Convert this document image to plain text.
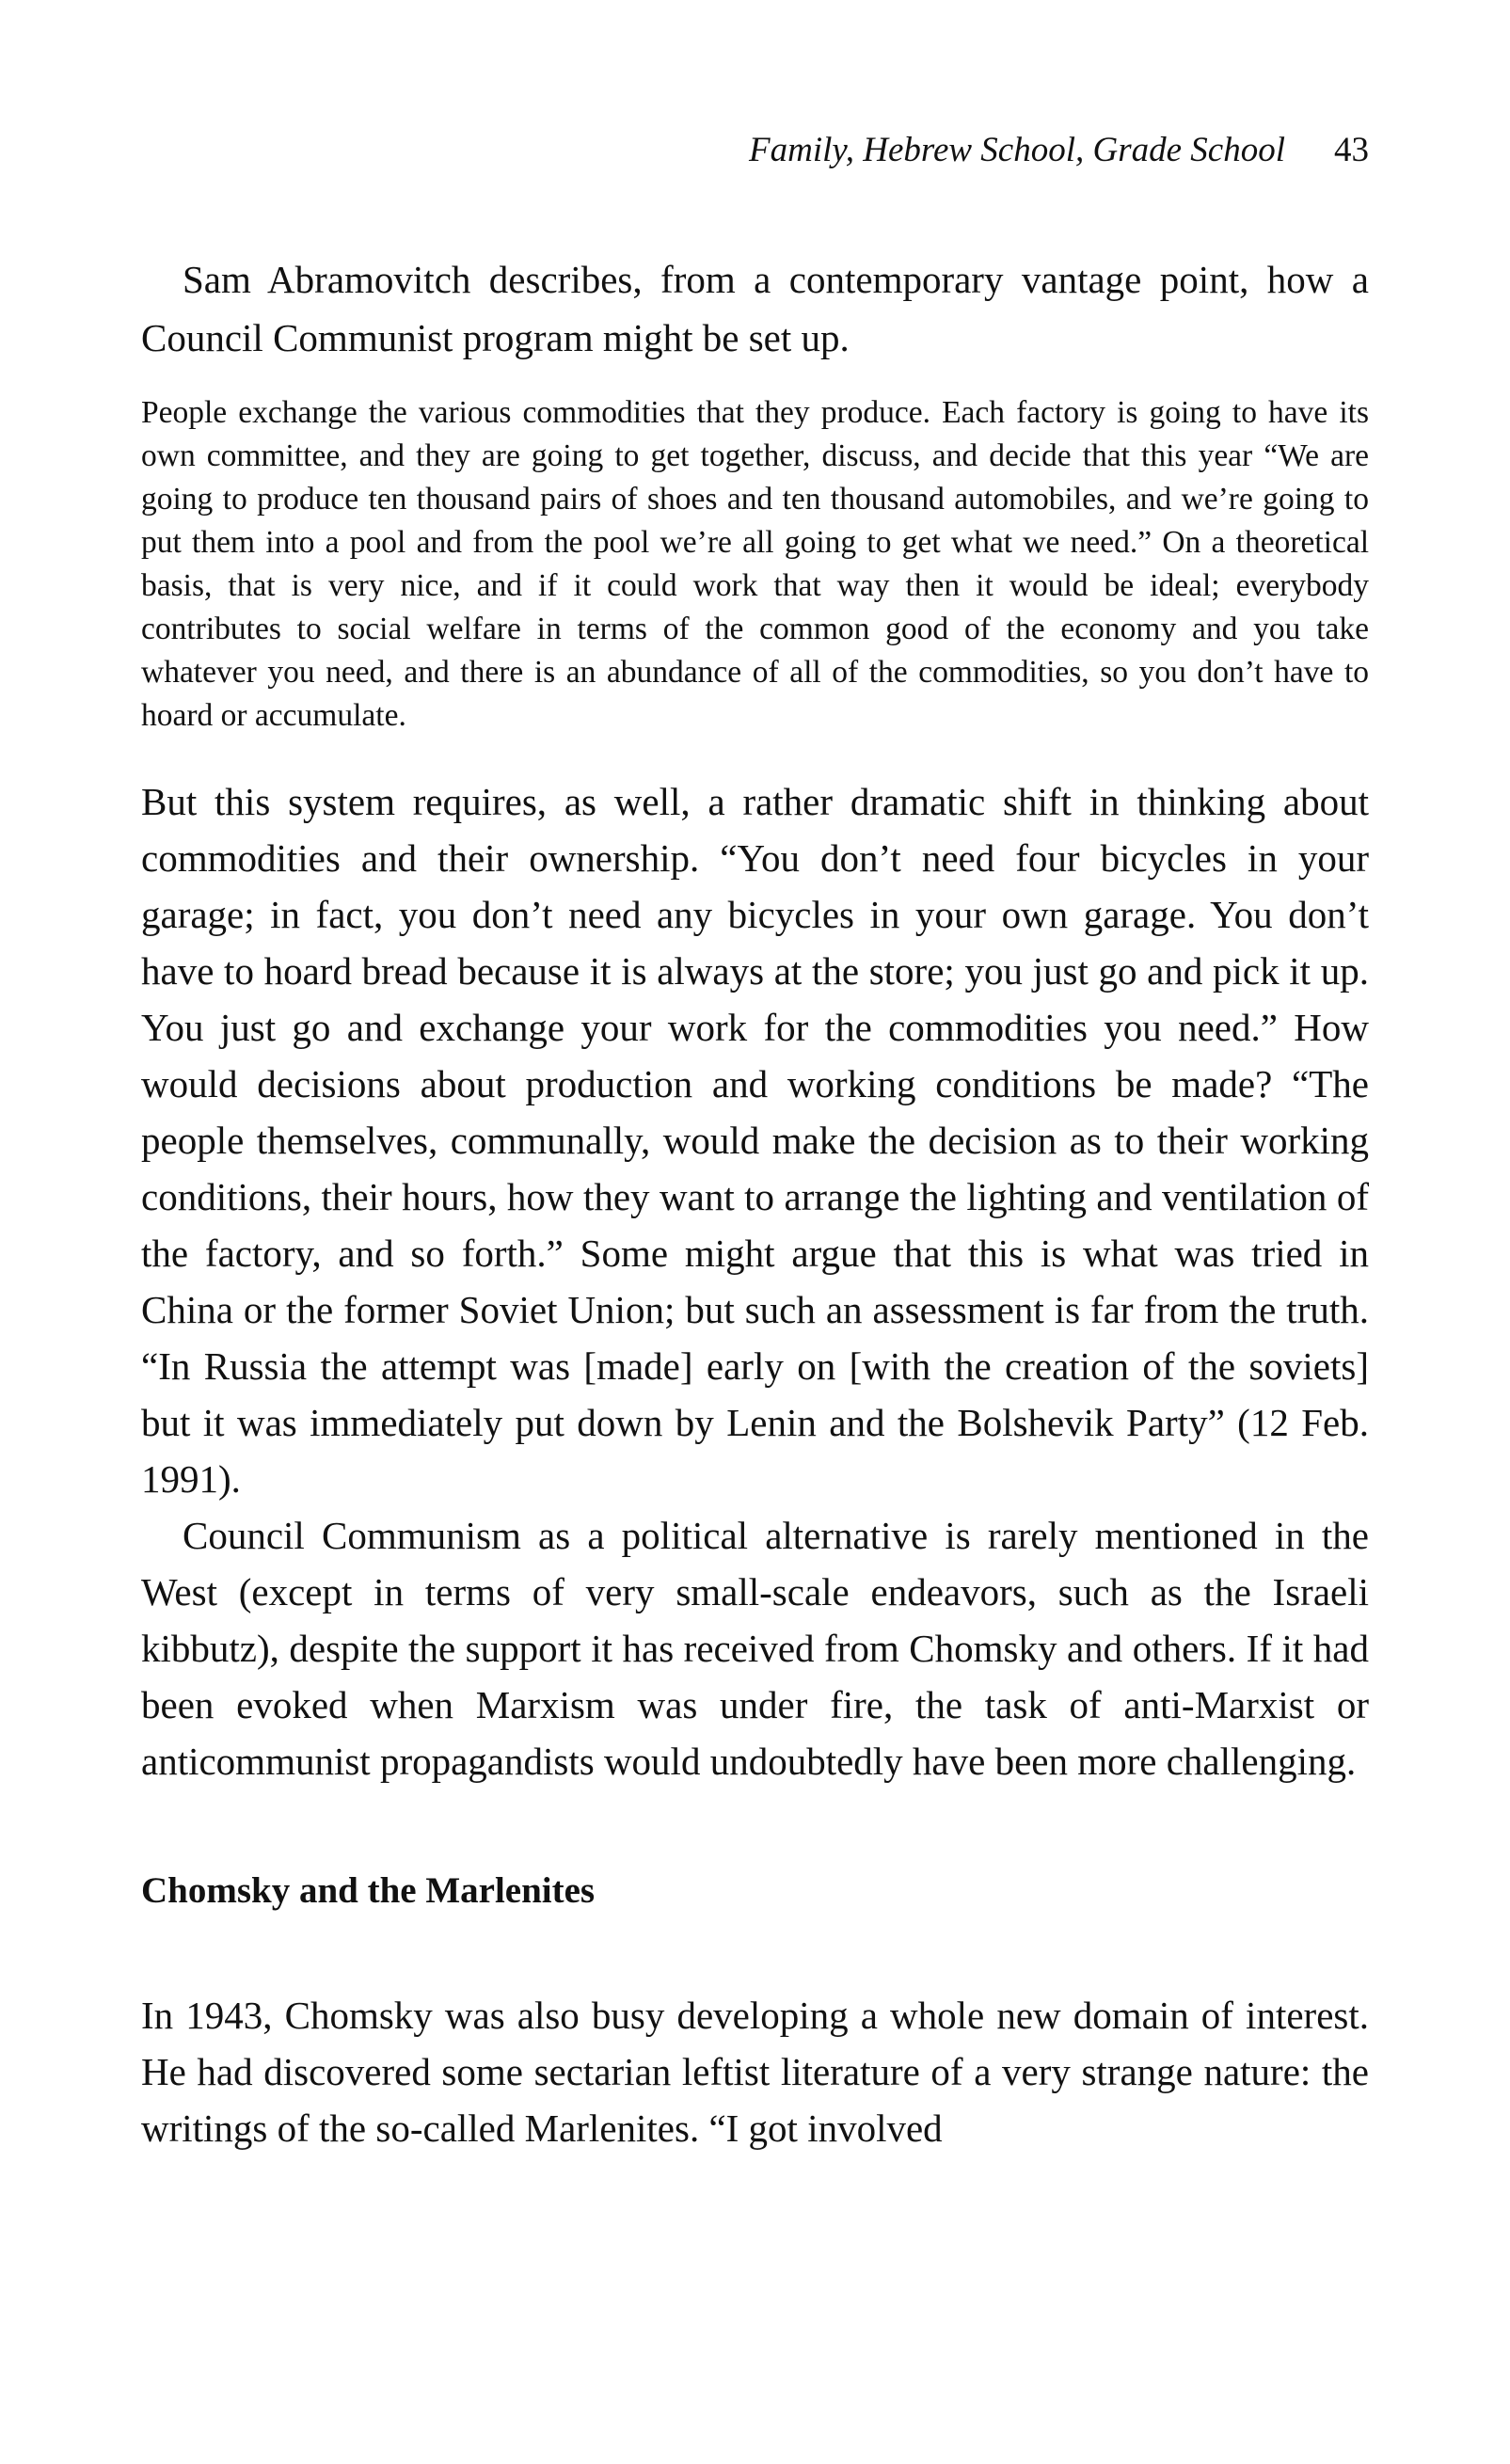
Family, Hebrew School, Grade School 43

Sam Abramovitch describes, from a contemporary vantage point, how a Council Communist program might be set up.

People exchange the various commodities that they produce. Each factory is going to have its own committee, and they are going to get together, discuss, and decide that this year “We are going to produce ten thousand pairs of shoes and ten thousand automobiles, and we’re going to put them into a pool and from the pool we’re all going to get what we need.” On a theoretical basis, that is very nice, and if it could work that way then it would be ideal; everybody contributes to social welfare in terms of the common good of the economy and you take whatever you need, and there is an abundance of all of the commodities, so you don’t have to hoard or accumulate.

But this system requires, as well, a rather dramatic shift in thinking about commodities and their ownership. “You don’t need four bicycles in your garage; in fact, you don’t need any bicycles in your own garage. You don’t have to hoard bread because it is always at the store; you just go and pick it up. You just go and exchange your work for the commodities you need.” How would decisions about production and working conditions be made? “The people themselves, communally, would make the decision as to their working conditions, their hours, how they want to arrange the lighting and ventilation of the factory, and so forth.” Some might argue that this is what was tried in China or the former Soviet Union; but such an assessment is far from the truth. “In Russia the attempt was [made] early on [with the creation of the soviets] but it was immediately put down by Lenin and the Bolshevik Party” (12 Feb. 1991).

Council Communism as a political alternative is rarely mentioned in the West (except in terms of very small-scale endeavors, such as the Israeli kibbutz), despite the support it has received from Chomsky and others. If it had been evoked when Marxism was under fire, the task of anti-Marxist or anticommunist propagandists would undoubtedly have been more challenging.

Chomsky and the Marlenites

In 1943, Chomsky was also busy developing a whole new domain of interest. He had discovered some sectarian leftist literature of a very strange nature: the writings of the so-called Marlenites. “I got involved
